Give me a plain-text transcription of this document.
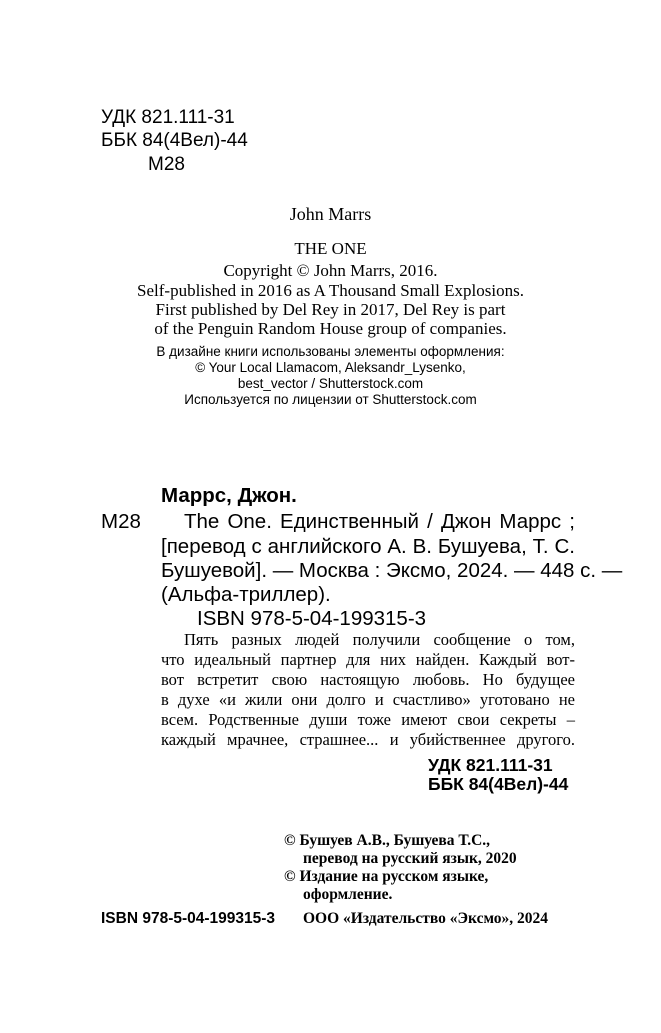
УДК 821.111-31
ББК 84(4Вел)-44
М28
John Marrs
THE ONE
Copyright © John Marrs, 2016.
Self-published in 2016 as A Thousand Small Explosions.
First published by Del Rey in 2017, Del Rey is part
of the Penguin Random House group of companies.
В дизайне книги использованы элементы оформления:
© Your Local Llamacom, Aleksandr_Lysenko,
best_vector / Shutterstock.com
Используется по лицензии от Shutterstock.com
Маррс, Джон.
М28 The One. Единственный / Джон Маррс ;
[перевод с английского А. В. Бушуева, Т. С.
Бушуевой]. — Москва : Эксмо, 2024. — 448 с. —
(Альфа-триллер).
ISBN 978-5-04-199315-3
Пять разных людей получили сообщение о том,
что идеальный партнер для них найден. Каждый вот-
вот встретит свою настоящую любовь. Но будущее
в духе «и жили они долго и счастливо» уготовано не
всем. Родственные души тоже имеют свои секреты –
каждый мрачнее, страшнее... и убийственнее другого.
УДК 821.111-31
ББК 84(4Вел)-44
© Бушуев А.В., Бушуева Т.С.,
перевод на русский язык, 2020
© Издание на русском языке,
оформление.
ISBN 978-5-04-199315-3 ООО «Издательство «Эксмо», 2024
